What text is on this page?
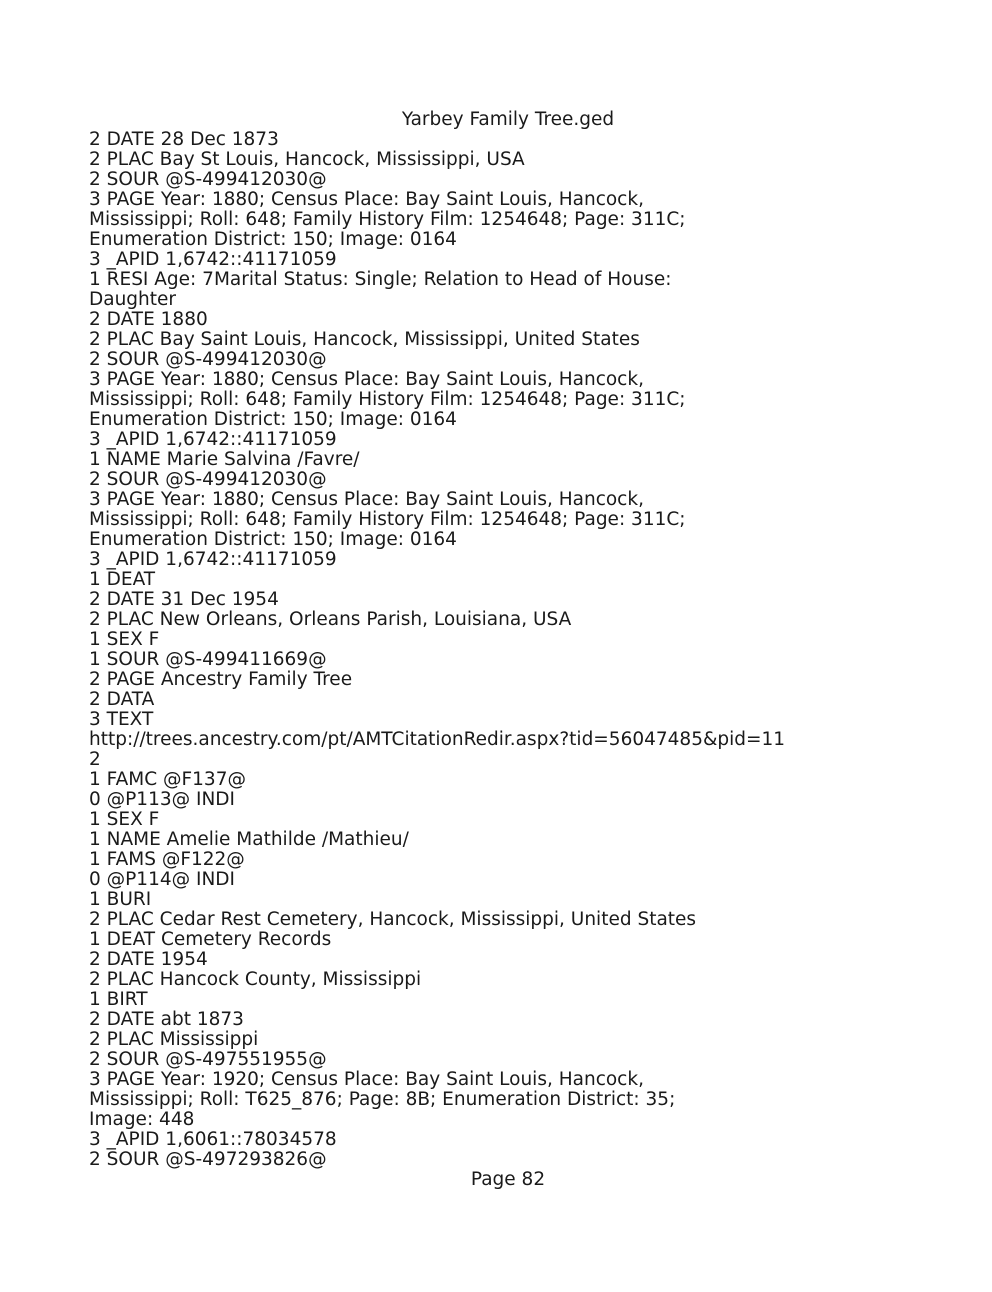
Yarbey Family Tree.ged
2 DATE 28 Dec 1873
2 PLAC Bay St Louis, Hancock, Mississippi, USA
2 SOUR @S-499412030@
3 PAGE Year: 1880; Census Place: Bay Saint Louis, Hancock,
Mississippi; Roll: 648; Family History Film: 1254648; Page: 311C;
Enumeration District: 150; Image: 0164
3 _APID 1,6742::41171059
1 RESI Age: 7Marital Status: Single; Relation to Head of House:
Daughter
2 DATE 1880
2 PLAC Bay Saint Louis, Hancock, Mississippi, United States
2 SOUR @S-499412030@
3 PAGE Year: 1880; Census Place: Bay Saint Louis, Hancock,
Mississippi; Roll: 648; Family History Film: 1254648; Page: 311C;
Enumeration District: 150; Image: 0164
3 _APID 1,6742::41171059
1 NAME Marie Salvina /Favre/
2 SOUR @S-499412030@
3 PAGE Year: 1880; Census Place: Bay Saint Louis, Hancock,
Mississippi; Roll: 648; Family History Film: 1254648; Page: 311C;
Enumeration District: 150; Image: 0164
3 _APID 1,6742::41171059
1 DEAT
2 DATE 31 Dec 1954
2 PLAC New Orleans, Orleans Parish, Louisiana, USA
1 SEX F
1 SOUR @S-499411669@
2 PAGE Ancestry Family Tree
2 DATA
3 TEXT
http://trees.ancestry.com/pt/AMTCitationRedir.aspx?tid=56047485&pid=11
2
1 FAMC @F137@
0 @P113@ INDI
1 SEX F
1 NAME Amelie Mathilde /Mathieu/
1 FAMS @F122@
0 @P114@ INDI
1 BURI
2 PLAC Cedar Rest Cemetery, Hancock, Mississippi, United States
1 DEAT Cemetery Records
2 DATE 1954
2 PLAC Hancock County, Mississippi
1 BIRT
2 DATE abt 1873
2 PLAC Mississippi
2 SOUR @S-497551955@
3 PAGE Year: 1920; Census Place: Bay Saint Louis, Hancock,
Mississippi; Roll: T625_876; Page: 8B; Enumeration District: 35;
Image: 448
3 _APID 1,6061::78034578
2 SOUR @S-497293826@
Page 82
